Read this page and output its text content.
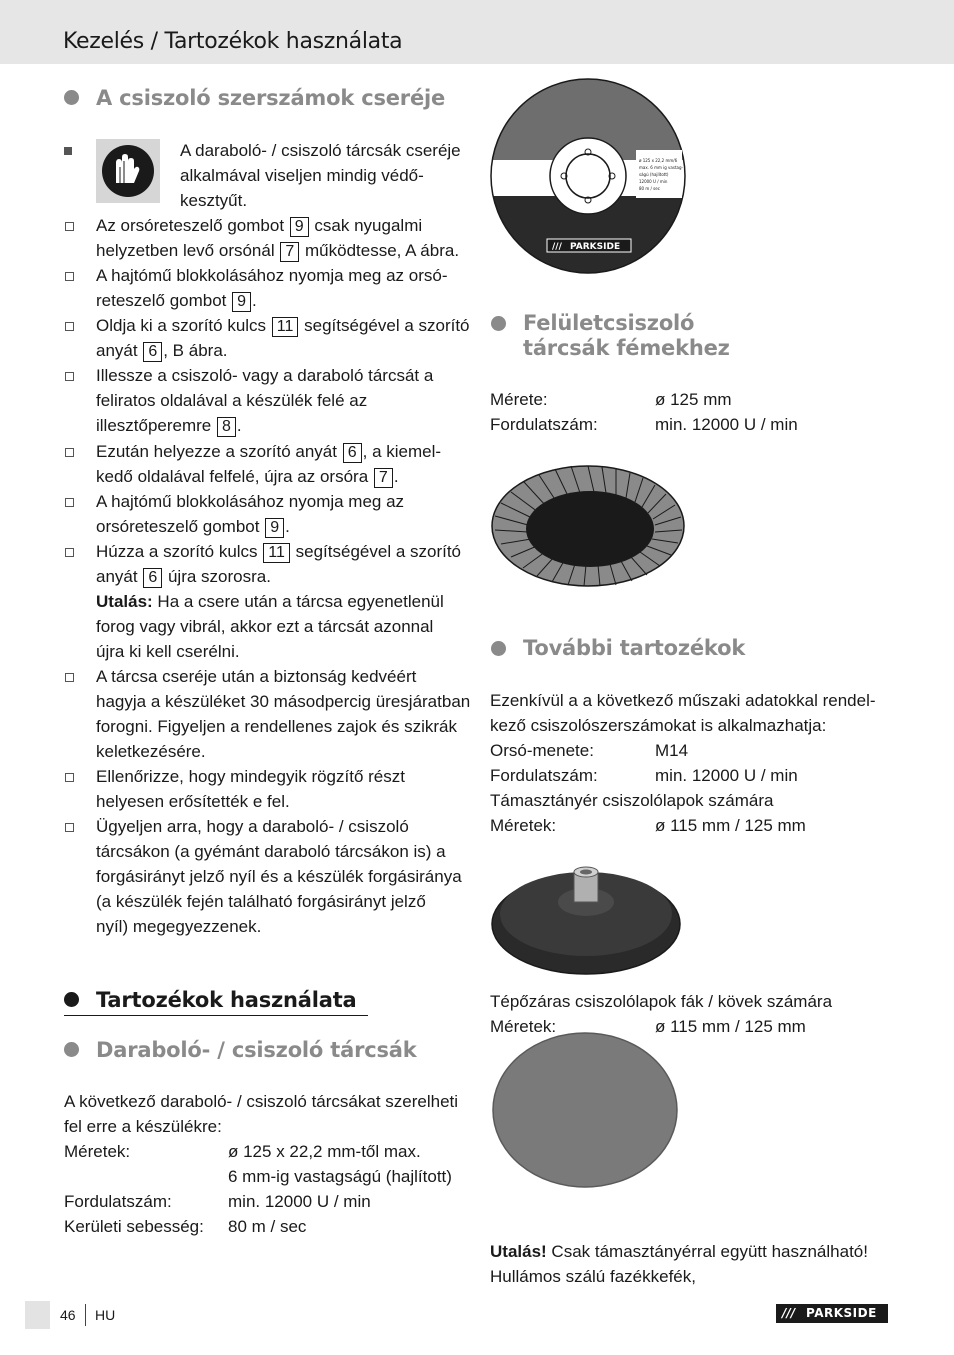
Kezelés / Tartozékok használata
A csiszoló szerszámok cseréje
A daraboló- / csiszoló tárcsák cseréje
alkalmával viseljen mindig védő-
kesztyűt.
Az orsóreteszelő gombot 9 csak nyugalmi
helyzetben levő orsónál 7 működtesse, A ábra.
A hajtómű blokkolásához nyomja meg az orsó-
reteszelő gombot 9 .
Oldja ki a szorító kulcs 11 segítségével a szorító
anyát 6 , B ábra.
Illessze a csiszoló- vagy a daraboló tárcsát a
feliratos oldalával a készülék felé az
illesztőperemre 8 .
Ezután helyezze a szorító anyát 6 , a kiemel-
kedő oldalával felfelé, újra az orsóra 7 .
A hajtómű blokkolásához nyomja meg az
orsóreteszelő gombot 9 .
Húzza a szorító kulcs 11 segítségével a szorító
anyát 6 újra szorosra.
Utalás: Ha a csere után a tárcsa egyenetlenül
forog vagy vibrál, akkor ezt a tárcsát azonnal
újra ki kell cserélni.
A tárcsa cseréje után a biztonság kedvéért
hagyja a készüléket 30 másodpercig üresjáratban
forogni. Figyeljen a rendellenes zajok és szikrák
keletkezésére.
Ellenőrizze, hogy mindegyik rögzítő részt
helyesen erősítették e fel.
Ügyeljen arra, hogy a daraboló- / csiszoló
tárcsákon (a gyémánt daraboló tárcsákon is) a
forgásirányt jelző nyíl és a készülék forgásiránya
(a készülék fején található forgásirányt jelző
nyíl) megegyezzenek.
Tartozékok használata
Daraboló- / csiszoló tárcsák
A következő daraboló- / csiszoló tárcsákat szerelheti
fel erre a készülékre:
Méretek:	ø 125 x 22,2 mm-től max.
6 mm-ig vastagságú (hajlított)
Fordulatszám:	min. 12000 U / min
Kerületi sebesség: 80 m / sec
ø 125 x 22,2 mm/6
max. 6 mm ig vastag-
ságú (hajlított)
12000 U / min
80 m / sec
/// PARKSIDE
Felületcsiszoló
tárcsák fémekhez
Mérete:	ø 125 mm
Fordulatszám:	min. 12000 U / min
További tartozékok
Ezenkívül a a következő műszaki adatokkal rendel-
kező csiszolószerszámokat is alkalmazhatja:
Orsó-menete:	M14
Fordulatszám:	min. 12000 U / min
Támasztányér csiszolólapok számára
Méretek:	ø 115 mm / 125 mm
Tépőzáras csiszolólapok fák / kövek számára
Méretek:	ø 115 mm / 125 mm
Utalás! Csak támasztányérral együtt használható!
Hullámos szálú fazékkefék,
46 HU	/// PARKSIDE
